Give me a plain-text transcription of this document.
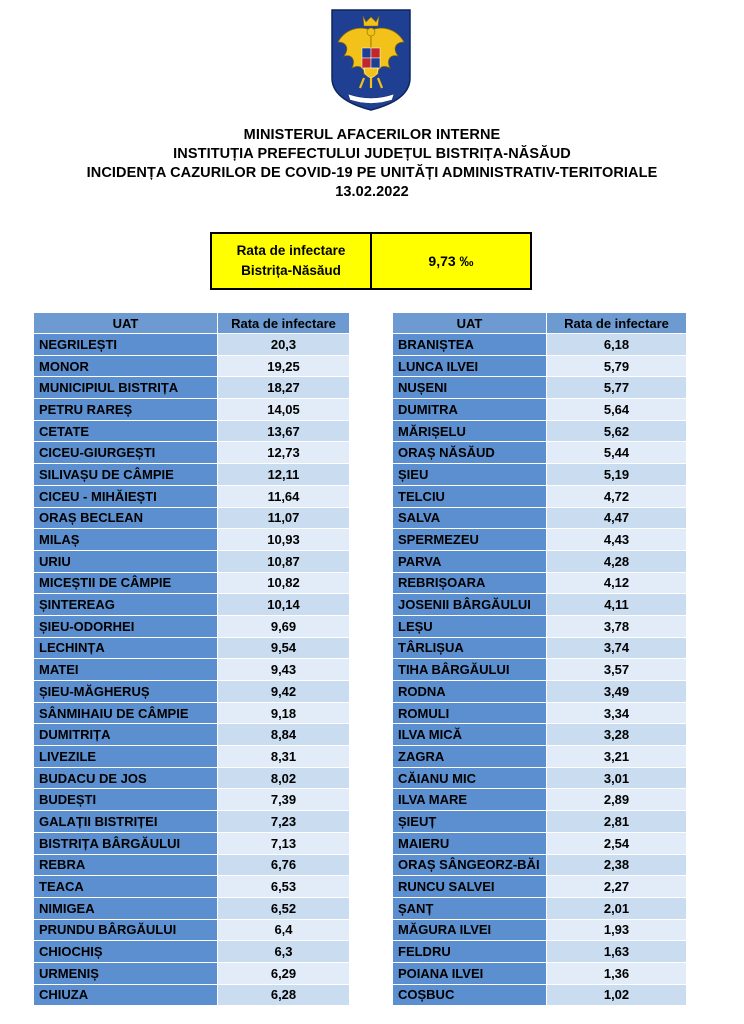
MINISTERUL AFACERILOR INTERNE
INSTITUȚIA PREFECTULUI JUDEȚUL BISTRIȚA-NĂSĂUD
INCIDENȚA CAZURILOR DE COVID-19 PE UNITĂȚI ADMINISTRATIV-TERITORIALE
13.02.2022
Rata de infectare
Bistrița-Năsăud
9,73 ‰
UAT	Rata de infectare
NEGRILEȘTI	20,3
MONOR	19,25
MUNICIPIUL BISTRIȚA	18,27
PETRU RAREȘ	14,05
CETATE	13,67
CICEU-GIURGEȘTI	12,73
SILIVAȘU DE CÂMPIE	12,11
CICEU - MIHĂIEȘTI	11,64
ORAȘ BECLEAN	11,07
MILAȘ	10,93
URIU	10,87
MICEȘTII DE CÂMPIE	10,82
ȘINTEREAG	10,14
ȘIEU-ODORHEI	9,69
LECHINȚA	9,54
MATEI	9,43
ȘIEU-MĂGHERUȘ	9,42
SÂNMIHAIU DE CÂMPIE	9,18
DUMITRIȚA	8,84
LIVEZILE	8,31
BUDACU DE JOS	8,02
BUDEȘTI	7,39
GALAȚII BISTRIȚEI	7,23
BISTRIȚA BÂRGĂULUI	7,13
REBRA	6,76
TEACA	6,53
NIMIGEA	6,52
PRUNDU BÂRGĂULUI	6,4
CHIOCHIȘ	6,3
URMENIȘ	6,29
CHIUZA	6,28
UAT	Rata de infectare
BRANIȘTEA	6,18
LUNCA ILVEI	5,79
NUȘENI	5,77
DUMITRA	5,64
MĂRIȘELU	5,62
ORAȘ NĂSĂUD	5,44
ȘIEU	5,19
TELCIU	4,72
SALVA	4,47
SPERMEZEU	4,43
PARVA	4,28
REBRIȘOARA	4,12
JOSENII BÂRGĂULUI	4,11
LEȘU	3,78
TÂRLIȘUA	3,74
TIHA BÂRGĂULUI	3,57
RODNA	3,49
ROMULI	3,34
ILVA MICĂ	3,28
ZAGRA	3,21
CĂIANU MIC	3,01
ILVA MARE	2,89
ȘIEUȚ	2,81
MAIERU	2,54
ORAȘ SÂNGEORZ-BĂI	2,38
RUNCU SALVEI	2,27
ȘANȚ	2,01
MĂGURA ILVEI	1,93
FELDRU	1,63
POIANA ILVEI	1,36
COȘBUC	1,02
